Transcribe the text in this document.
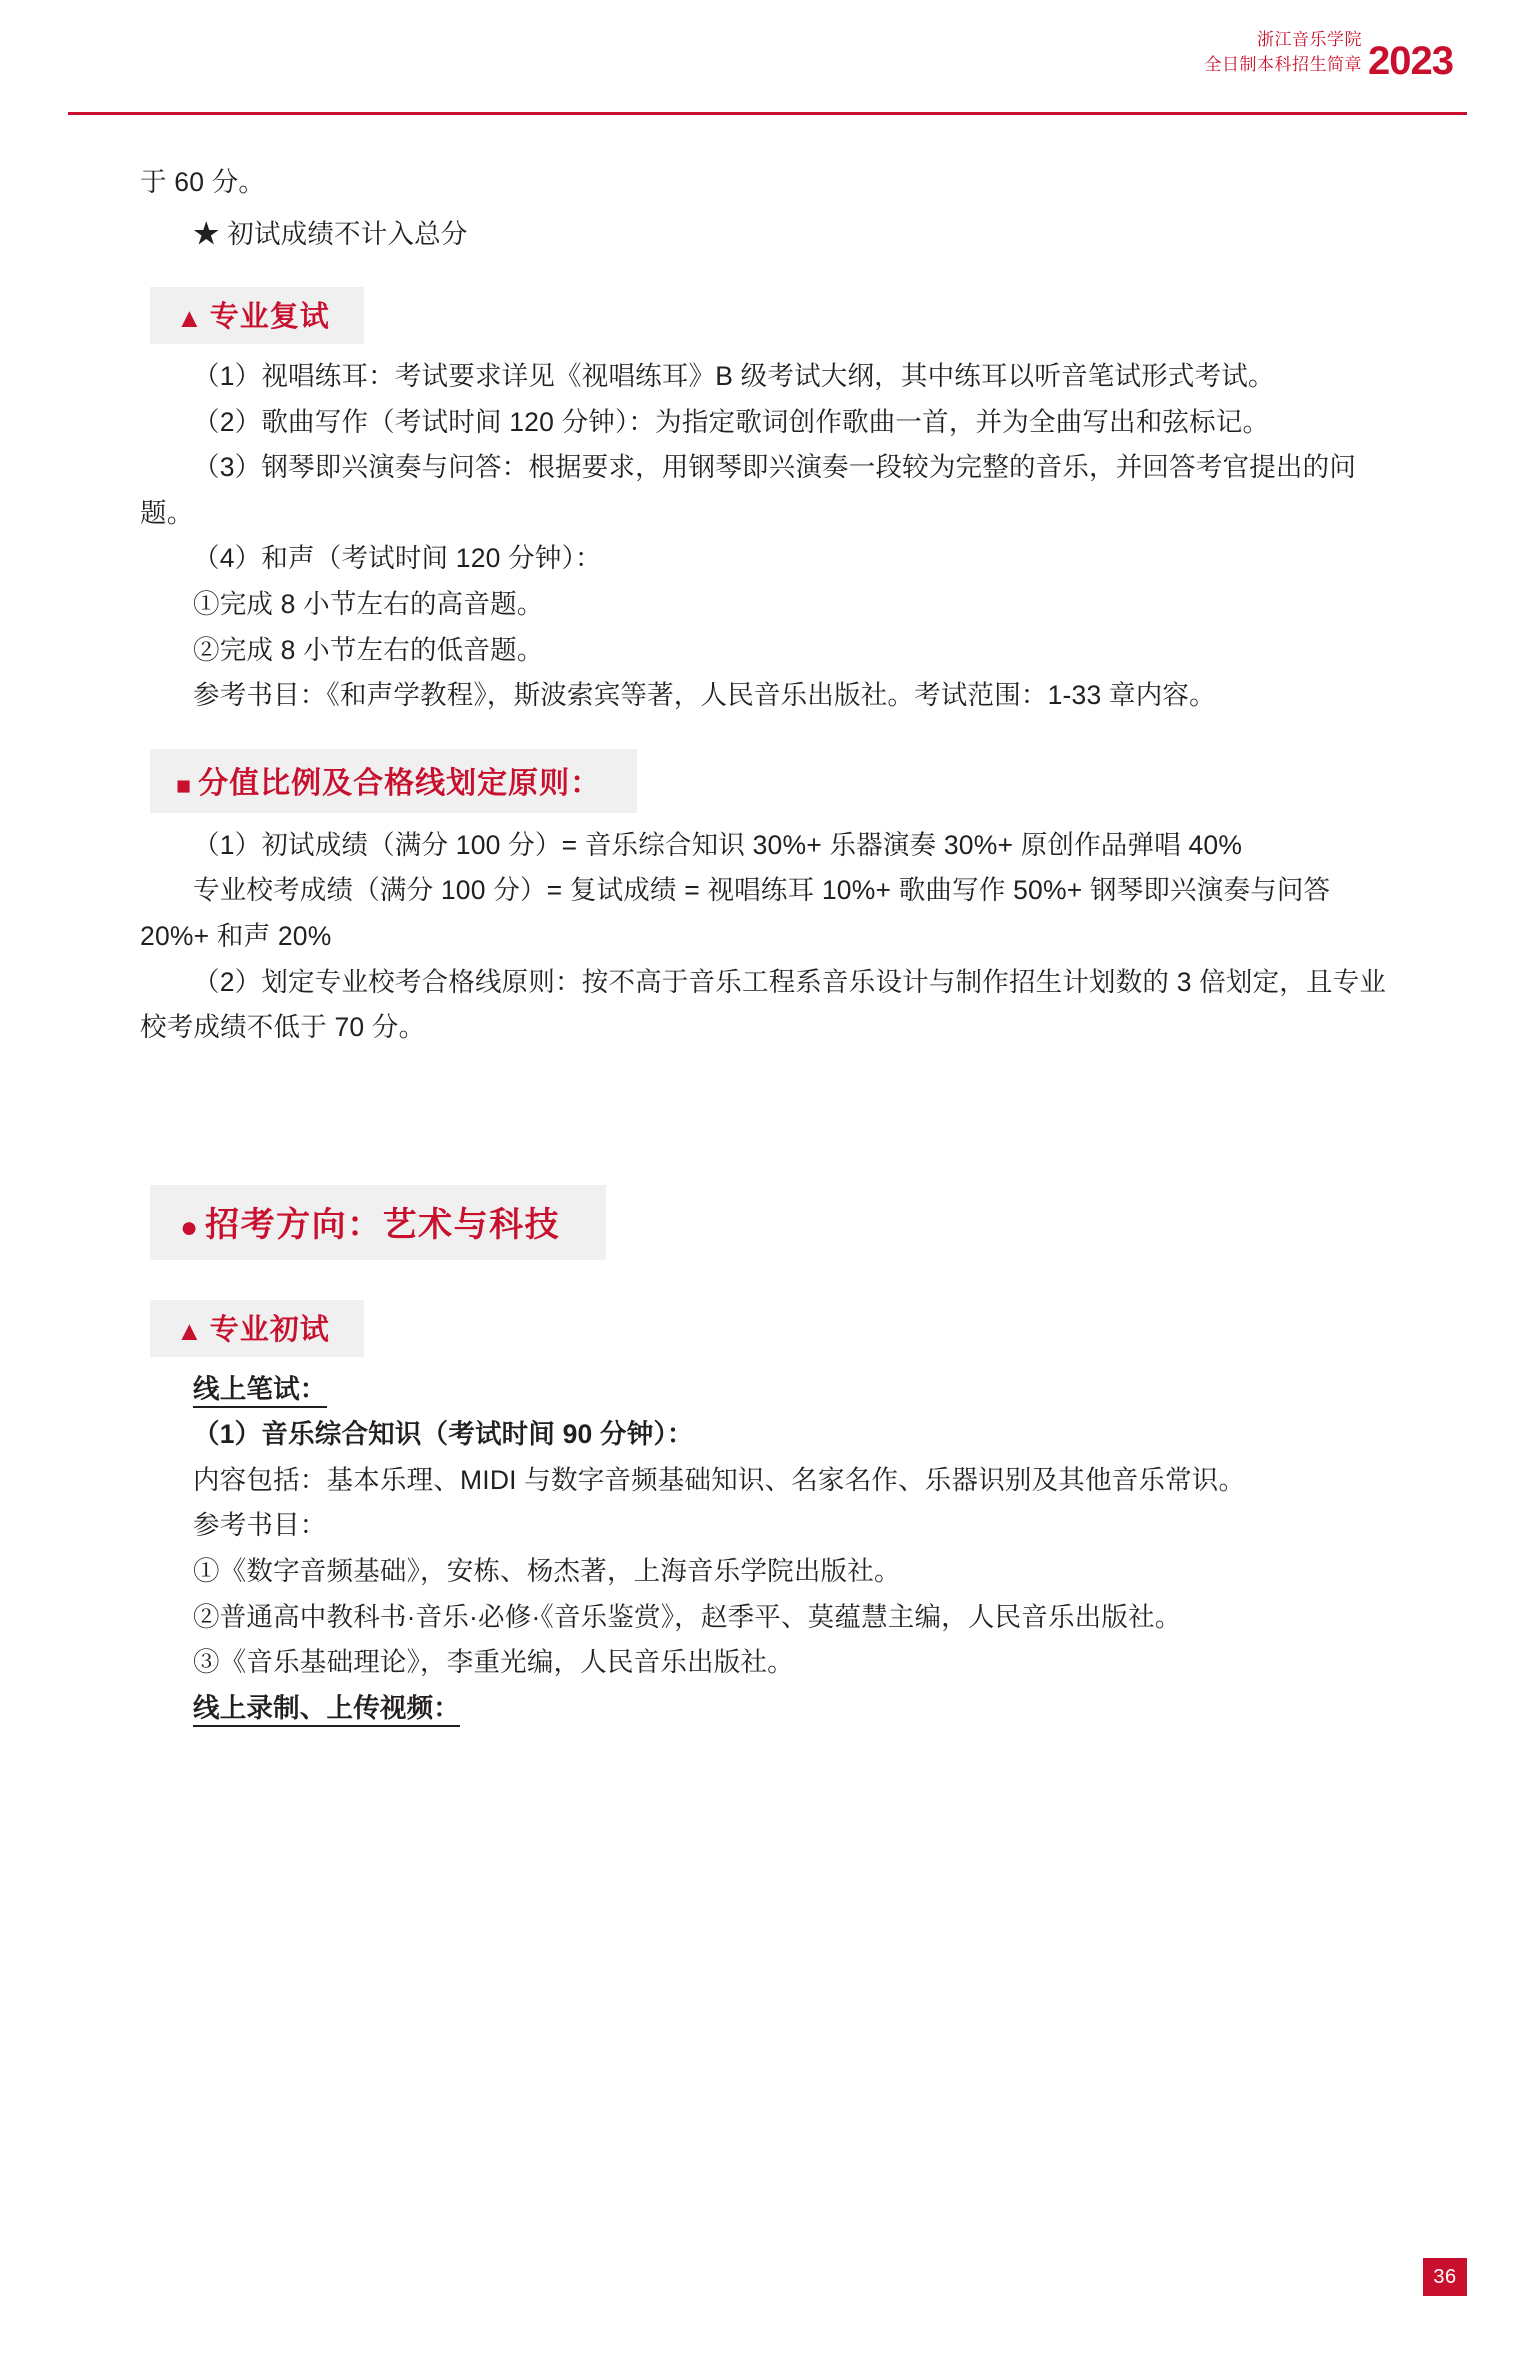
浙江音乐学院
全日制本科招生简章 2023

于 60 分。

★ 初试成绩不计入总分

▲ 专业复试

（1）视唱练耳：考试要求详见《视唱练耳》B 级考试大纲，其中练耳以听音笔试形式考试。

（2）歌曲写作（考试时间 120 分钟）：为指定歌词创作歌曲一首，并为全曲写出和弦标记。

（3）钢琴即兴演奏与问答：根据要求，用钢琴即兴演奏一段较为完整的音乐，并回答考官提出的问题。

（4）和声（考试时间 120 分钟）：

①完成 8 小节左右的高音题。

②完成 8 小节左右的低音题。

参考书目：《和声学教程》，斯波索宾等著，人民音乐出版社。考试范围：1-33 章内容。

■ 分值比例及合格线划定原则：

（1）初试成绩（满分 100 分）= 音乐综合知识 30%+ 乐器演奏 30%+ 原创作品弹唱 40%

专业校考成绩（满分 100 分）= 复试成绩 = 视唱练耳 10%+ 歌曲写作 50%+ 钢琴即兴演奏与问答 20%+ 和声 20%

（2）划定专业校考合格线原则：按不高于音乐工程系音乐设计与制作招生计划数的 3 倍划定，且专业校考成绩不低于 70 分。

● 招考方向：艺术与科技
▲ 专业初试

线上笔试：

（1）音乐综合知识（考试时间 90 分钟）：

内容包括：基本乐理、MIDI 与数字音频基础知识、名家名作、乐器识别及其他音乐常识。

参考书目：

①《数字音频基础》，安栋、杨杰著，上海音乐学院出版社。

②普通高中教科书·音乐·必修·《音乐鉴赏》，赵季平、莫蕴慧主编，人民音乐出版社。

③《音乐基础理论》，李重光编，人民音乐出版社。

线上录制、上传视频：

36
